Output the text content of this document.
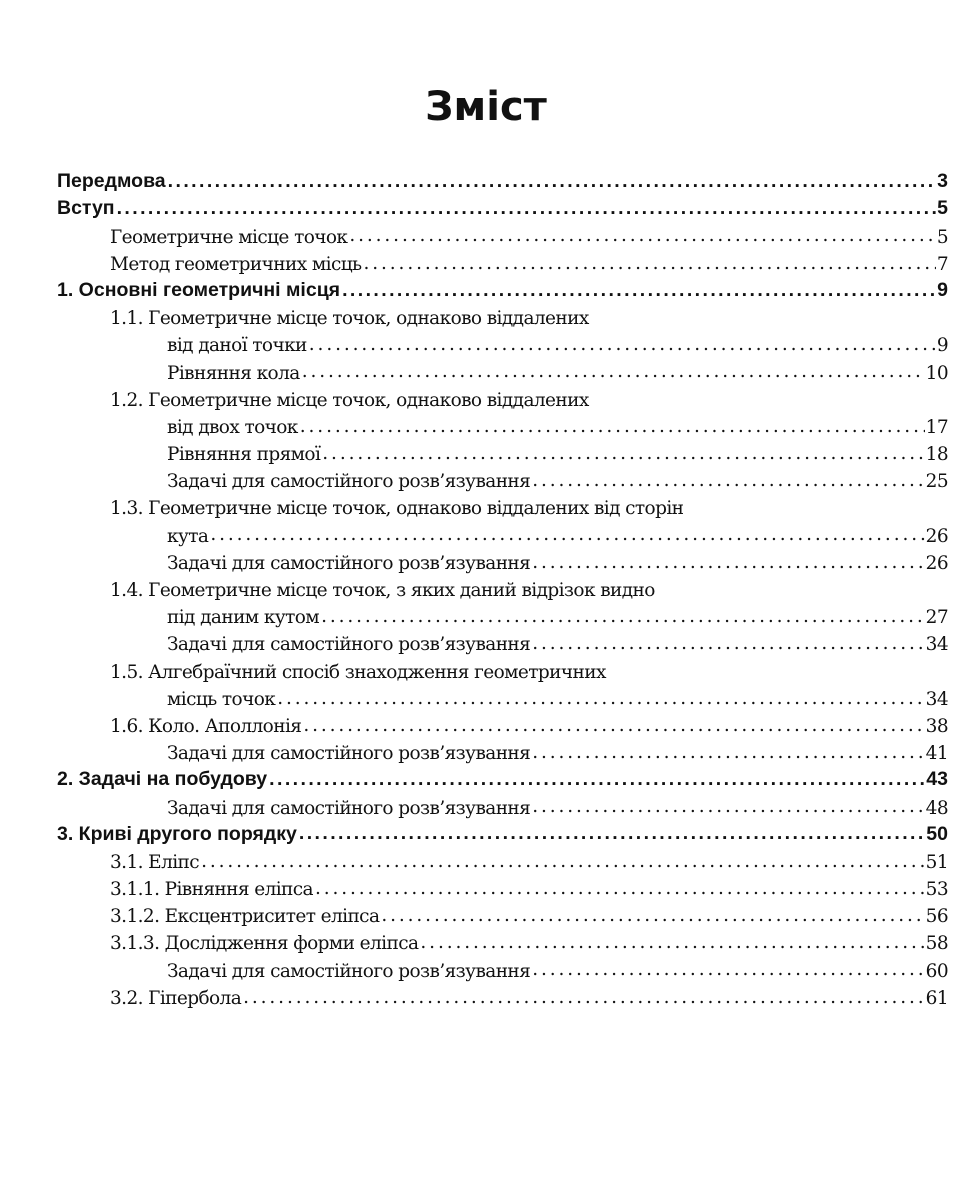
Зміст
Передмова . . .	3
Вступ . . .	5
Геометричне місце точок . . .	5
Метод геометричних місць . . .	7
1. Основні геометричні місця . . .	9
1.1. Геометричне місце точок, однаково віддалених
від даної точки . . .	9
Рівняння кола . . .	10
1.2. Геометричне місце точок, однаково віддалених
від двох точок . . .	17
Рівняння прямої . . .	18
Задачі для самостійного розв’язування . . .	25
1.3. Геометричне місце точок, однаково віддалених від сторін
кута . . .	26
Задачі для самостійного розв’язування . . .	26
1.4. Геометричне місце точок, з яких даний відрізок видно
під даним кутом . . .	27
Задачі для самостійного розв’язування . . .	34
1.5. Алгебраїчний спосіб знаходження геометричних
місць точок . . .	34
1.6. Коло. Аполлонія . . .	38
Задачі для самостійного розв’язування . . .	41
2. Задачі на побудову . . .	43
Задачі для самостійного розв’язування . . .	48
3. Криві другого порядку . . .	50
3.1. Еліпс . . .	51
3.1.1. Рівняння еліпса . . .	53
3.1.2. Ексцентриситет еліпса . . .	56
3.1.3. Дослідження форми еліпса . . .	58
Задачі для самостійного розв’язування . . .	60
3.2. Гіпербола . . .	61
